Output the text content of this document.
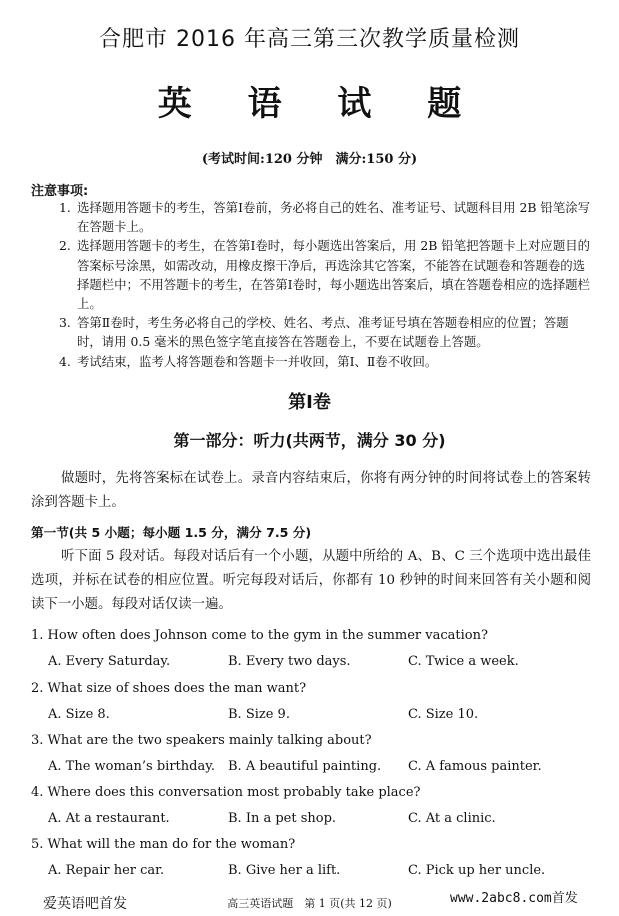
合肥市 2016 年高三第三次教学质量检测
英 语 试 题
(考试时间:120 分钟　满分:150 分)
注意事项:
1. 选择题用答题卡的考生，答第Ⅰ卷前，务必将自己的姓名、准考证号、试题科目用 2B 铅笔涂写在答题卡上。
2. 选择题用答题卡的考生，在答第Ⅰ卷时，每小题选出答案后，用 2B 铅笔把答题卡上对应题目的答案标号涂黑，如需改动，用橡皮擦干净后，再选涂其它答案，不能答在试题卷和答题卷的选择题栏中；不用答题卡的考生，在答第Ⅰ卷时，每小题选出答案后，填在答题卷相应的选择题栏上。
3. 答第Ⅱ卷时，考生务必将自己的学校、姓名、考点、准考证号填在答题卷相应的位置；答题时，请用 0.5 毫米的黑色签字笔直接答在答题卷上，不要在试题卷上答题。
4. 考试结束，监考人将答题卷和答题卡一并收回，第Ⅰ、Ⅱ卷不收回。
第Ⅰ卷
第一部分：听力(共两节，满分 30 分)
做题时，先将答案标在试卷上。录音内容结束后，你将有两分钟的时间将试卷上的答案转涂到答题卡上。
第一节(共 5 小题；每小题 1.5 分，满分 7.5 分)
听下面 5 段对话。每段对话后有一个小题，从题中所给的 A、B、C 三个选项中选出最佳选项，并标在试卷的相应位置。听完每段对话后，你都有 10 秒钟的时间来回答有关小题和阅读下一小题。每段对话仅读一遍。
1. How often does Johnson come to the gym in the summer vacation?
A. Every Saturday.	B. Every two days.	C. Twice a week.
2. What size of shoes does the man want?
A. Size 8.	B. Size 9.	C. Size 10.
3. What are the two speakers mainly talking about?
A. The woman’s birthday. B. A beautiful painting. C. A famous painter.
4. Where does this conversation most probably take place?
A. At a restaurant.	B. In a pet shop.	C. At a clinic.
5. What will the man do for the woman?
A. Repair her car.	B. Give her a lift.	C. Pick up her uncle.
爱英语吧首发	高三英语试题　第 1 页(共 12 页)	www.2abc8.com首发
